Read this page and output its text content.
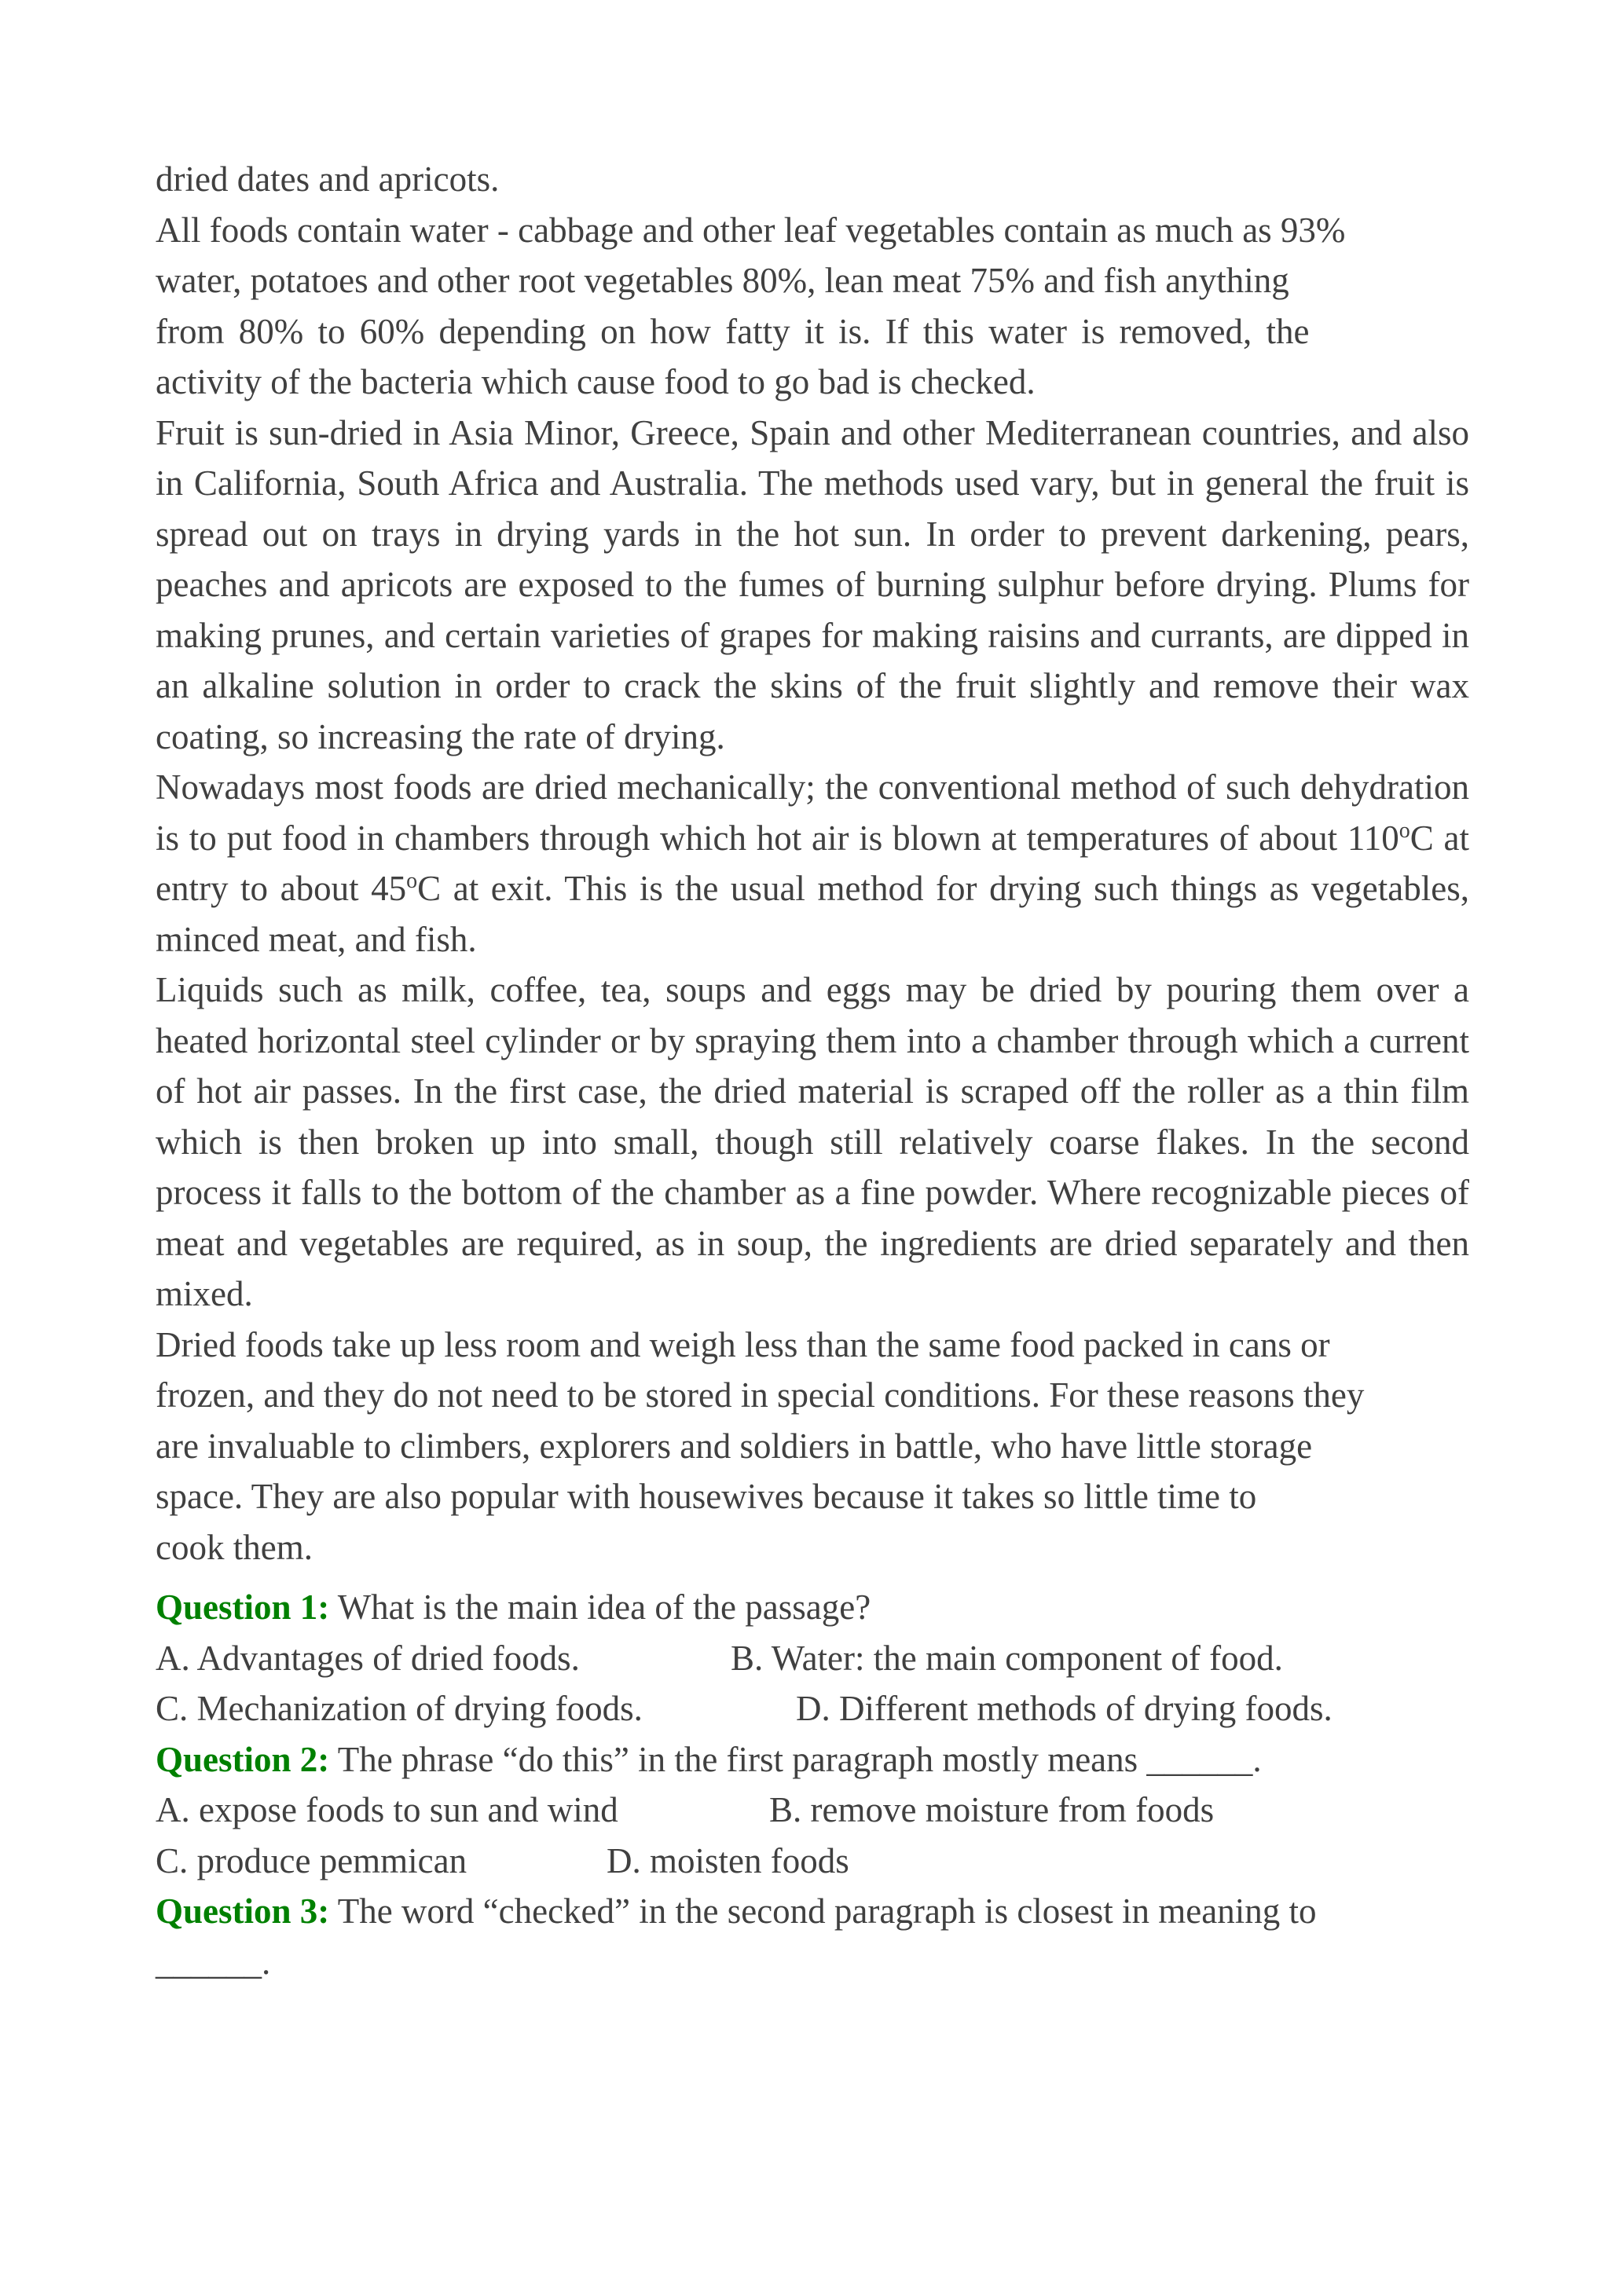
dried dates and apricots.

All foods contain water - cabbage and other leaf vegetables contain as much as 93%
water, potatoes and other root vegetables 80%, lean meat 75% and fish anything
from 80% to 60% depending on how fatty it is. If this water is removed, the
activity of the bacteria which cause food to go bad is checked.

Fruit is sun-dried in Asia Minor, Greece, Spain and other Mediterranean countries, and also in California, South Africa and Australia. The methods used vary, but in general the fruit is spread out on trays in drying yards in the hot sun. In order to prevent darkening, pears, peaches and apricots are exposed to the fumes of burning sulphur before drying. Plums for making prunes, and certain varieties of grapes for making raisins and currants, are dipped in an alkaline solution in order to crack the skins of the fruit slightly and remove their wax coating, so increasing the rate of drying.

Nowadays most foods are dried mechanically; the conventional method of such dehydration is to put food in chambers through which hot air is blown at temperatures of about 110$^o$C at entry to about 45$^o$C at exit. This is the usual method for drying such things as vegetables, minced meat, and fish.

Liquids such as milk, coffee, tea, soups and eggs may be dried by pouring them over a heated horizontal steel cylinder or by spraying them into a chamber through which a current of hot air passes. In the first case, the dried material is scraped off the roller as a thin film which is then broken up into small, though still relatively coarse flakes. In the second process it falls to the bottom of the chamber as a fine powder. Where recognizable pieces of meat and vegetables are required, as in soup, the ingredients are dried separately and then mixed.

Dried foods take up less room and weigh less than the same food packed in cans or
frozen, and they do not need to be stored in special conditions. For these reasons they
are invaluable to climbers, explorers and soldiers in battle, who have little storage
space. They are also popular with housewives because it takes so little time to
cook them.

Question 1: What is the main idea of the passage?

A. Advantages of dried foods.	B. Water: the main component of food.
C. Mechanization of drying foods.	D. Different methods of drying foods.

Question 2: The phrase “do this” in the first paragraph mostly means ______.

A. expose foods to sun and wind	B. remove moisture from foods
C. produce pemmican	D. moisten foods

Question 3: The word “checked” in the second paragraph is closest in meaning to

______.
